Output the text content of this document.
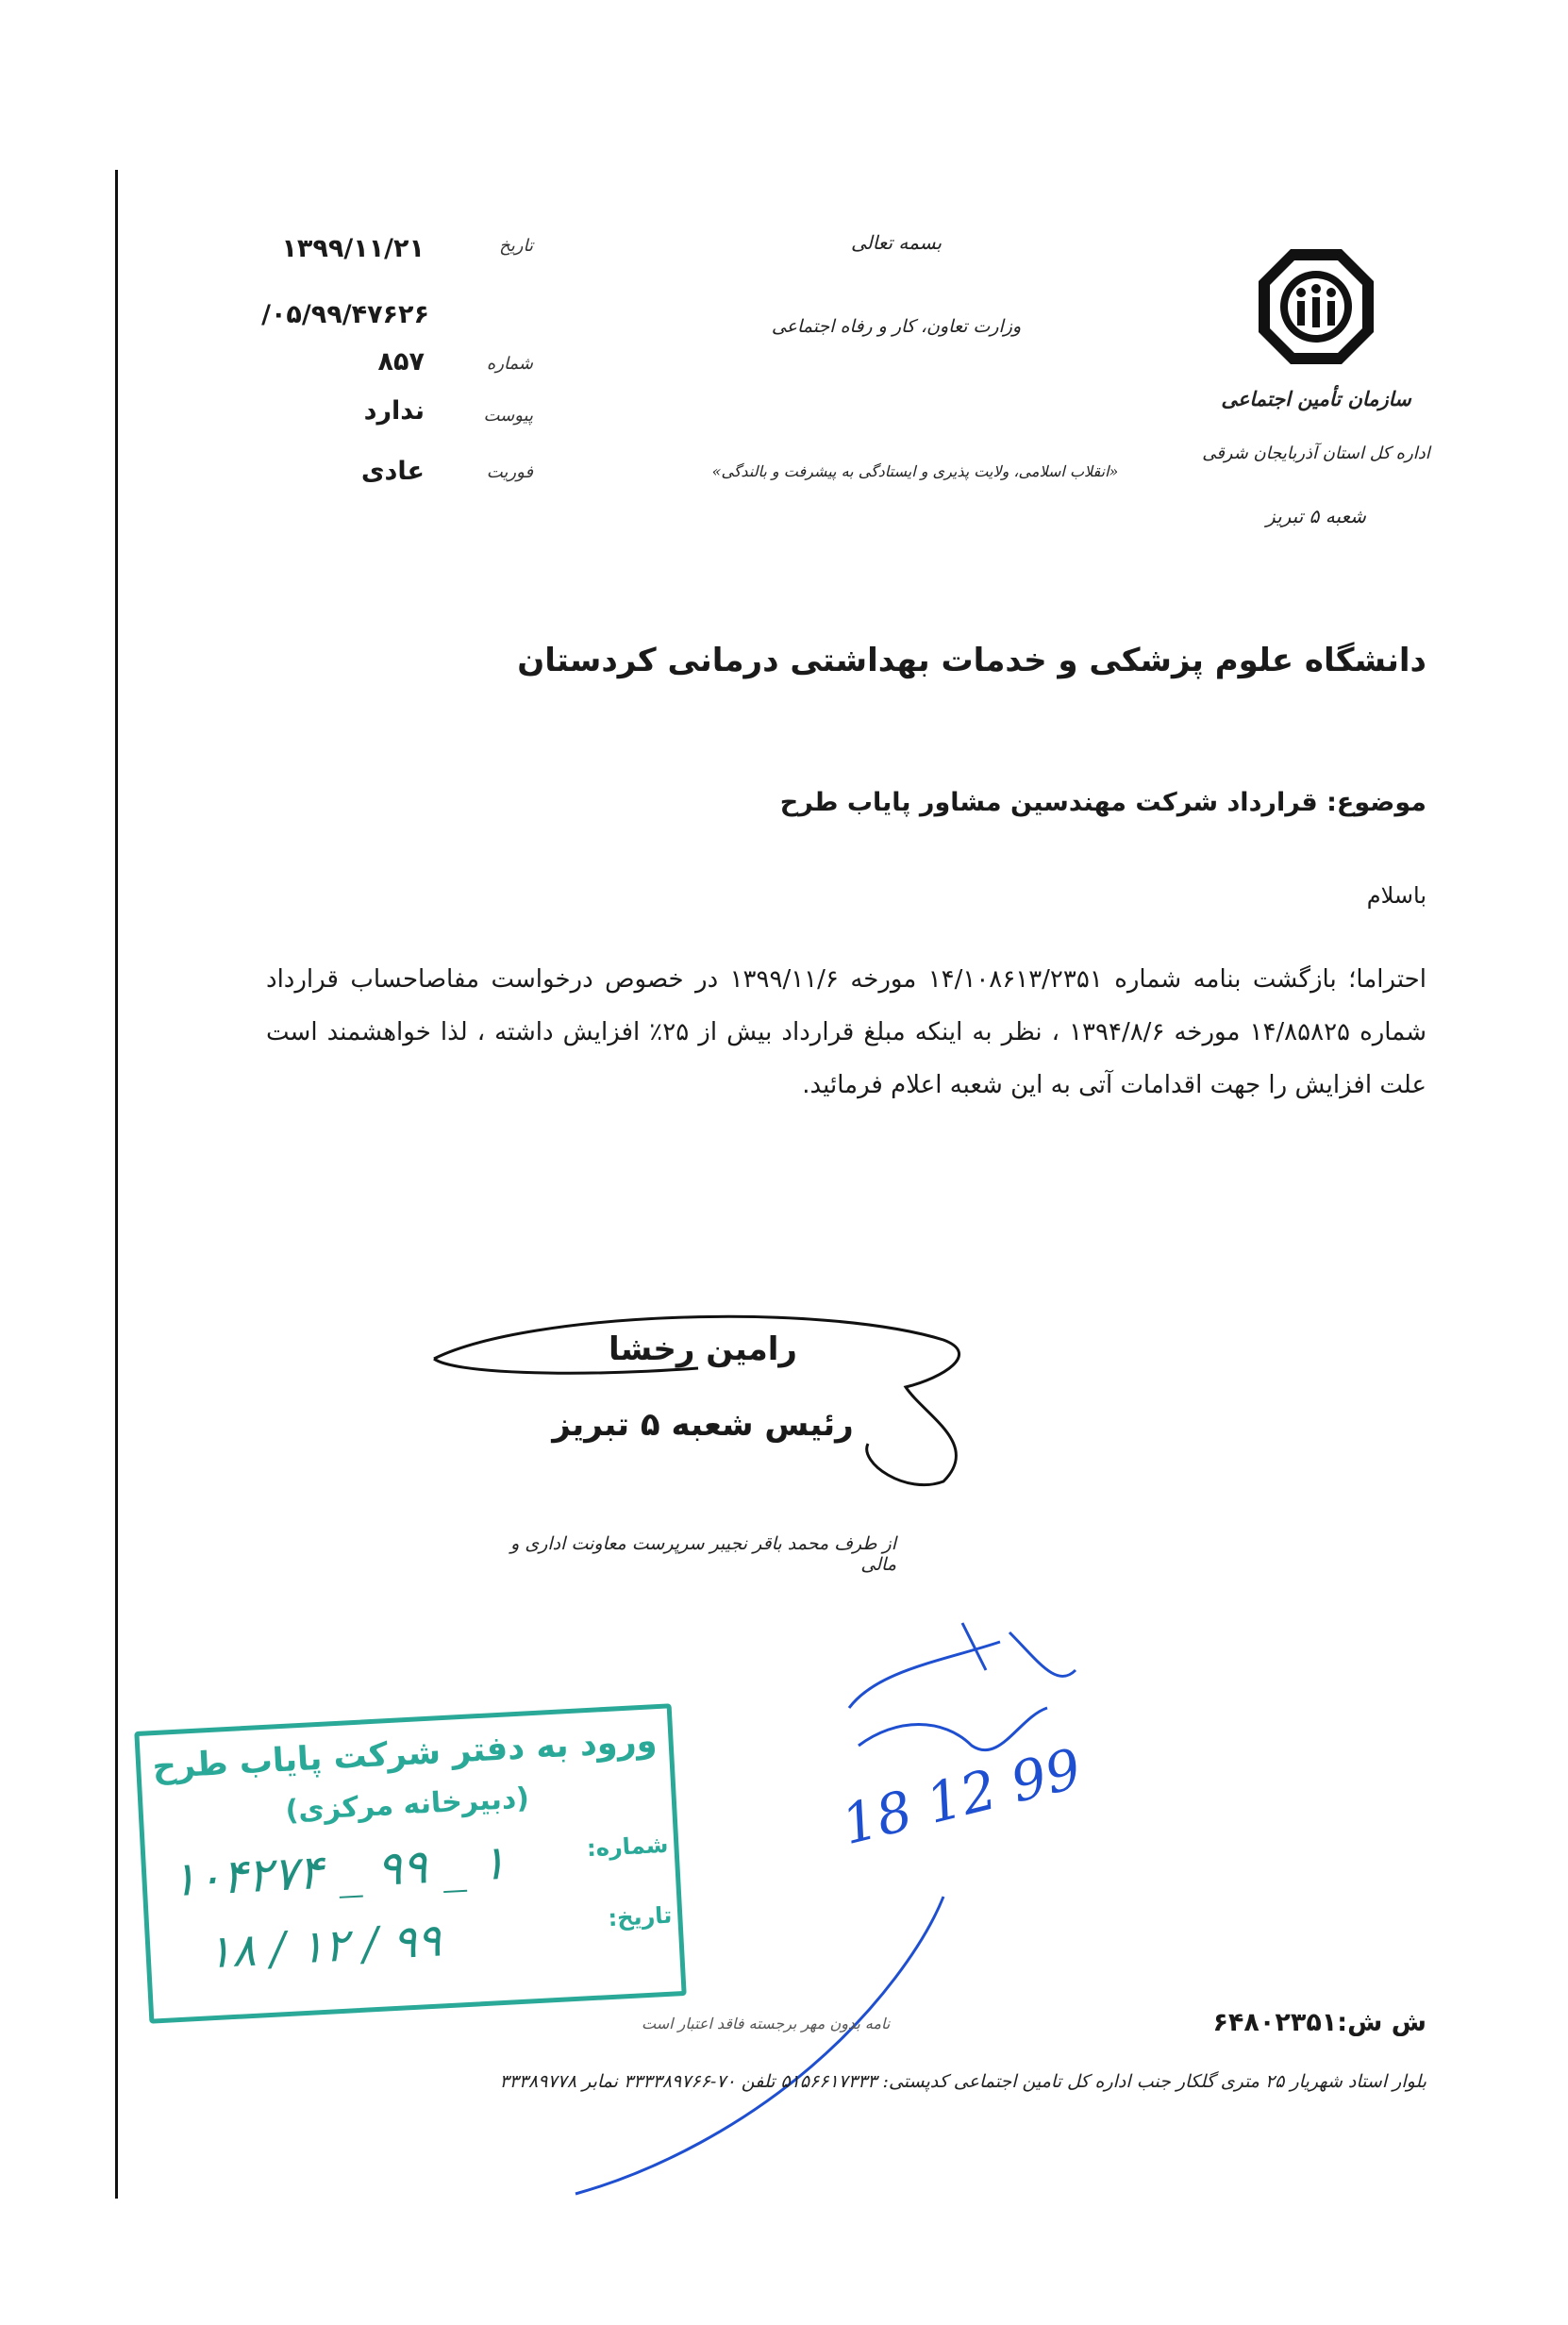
بسمه تعالی
وزارت تعاون، کار و رفاه اجتماعی
«انقلاب اسلامی، ولایت پذیری و ایستادگی به پیشرفت و بالندگی»
سازمان تأمین اجتماعی
اداره کل استان آذربایجان شرقی
شعبه ۵ تبریز
تاریخ
۱۳۹۹/۱۱/۲۱
/۰۵/۹۹/۴۷۶۲۶
شماره
۸۵۷
پیوست
ندارد
فوریت
عادی
دانشگاه علوم پزشکی و خدمات بهداشتی درمانی کردستان
موضوع: قرارداد شرکت مهندسین مشاور پایاب طرح
باسلام
احتراما؛ بازگشت بنامه شماره ۱۴/۱۰۸۶۱۳/۲۳۵۱ مورخه ۱۳۹۹/۱۱/۶ در خصوص درخواست مفاصاحساب قرارداد شماره ۱۴/۸۵۸۲۵ مورخه ۱۳۹۴/۸/۶ ، نظر به اینکه مبلغ قرارداد بیش از ۲۵٪ افزایش داشته ، لذا خواهشمند است علت افزایش را جهت اقدامات آتی به این شعبه اعلام فرمائید.
رامین رخشا
رئیس شعبه ۵ تبریز
از طرف محمد باقر نجیبر سرپرست معاونت اداری و مالی
18 12 99
ورود به دفتر شرکت پایاب طرح
(دبیرخانه مرکزی)
شماره:
۱۰۴۲۷۴ _ ۹۹ _ ۱
تاریخ:
۱۸ / ۱۲ / ۹۹
ش ش:۶۴۸۰۲۳۵۱
نامه بدون مهر برجسته فاقد اعتبار است
بلوار استاد شهریار ۲۵ متری گلکار جنب اداره کل تامین اجتماعی کدپستی: ۵۱۵۶۶۱۷۳۳۳ تلفن ۷۰-۳۳۳۳۸۹۷۶۶ نمابر ۳۳۳۸۹۷۷۸
